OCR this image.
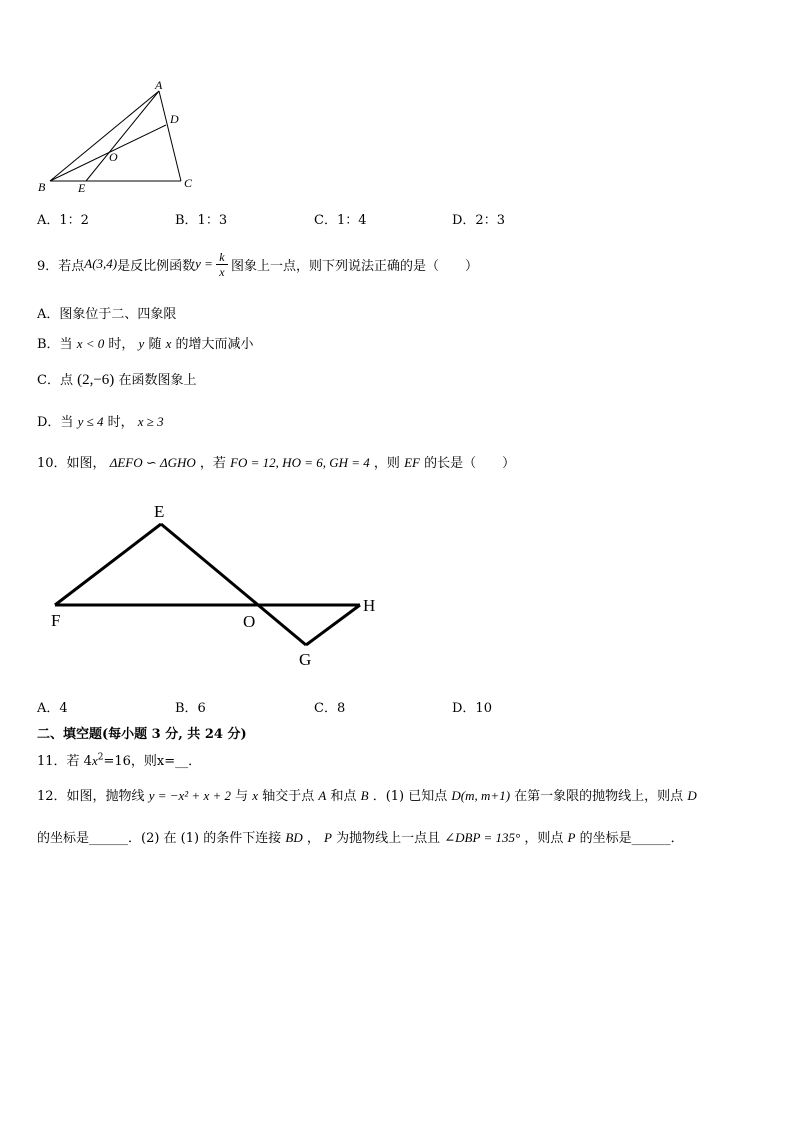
A
D
O
B	E	C
A．1：2	B．1：3	C．1：4	D．2：3
9．若点 A(3,4) 是反比例函数 y = k
x 图象上一点，则下列说法正确的是（　　）
A．图象位于二、四象限
B．当 x < 0 时， y 随 x 的增大而减小
C．点 (2,−6) 在函数图象上
D．当 y ≤ 4 时， x ≥ 3
10．如图， ΔEFO ∽ ΔGHO ，若 FO = 12, HO = 6, GH = 4 ，则 EF 的长是（　　）
E
F	O
H
G
A．4	B．6	C．8	D．10
二、填空题(每小题 3 分, 共 24 分)
11．若 $4x^2=16$，则x=__．
12．如图，抛物线 y = −x² + x + 2 与 x 轴交于点 A 和点 B ．(1) 已知点 D(m, m+1) 在第一象限的抛物线上，则点 D
的坐标是______．(2) 在 (1) 的条件下连接 BD ， P 为抛物线上一点且 ∠DBP = 135° ，则点 P 的坐标是______．
